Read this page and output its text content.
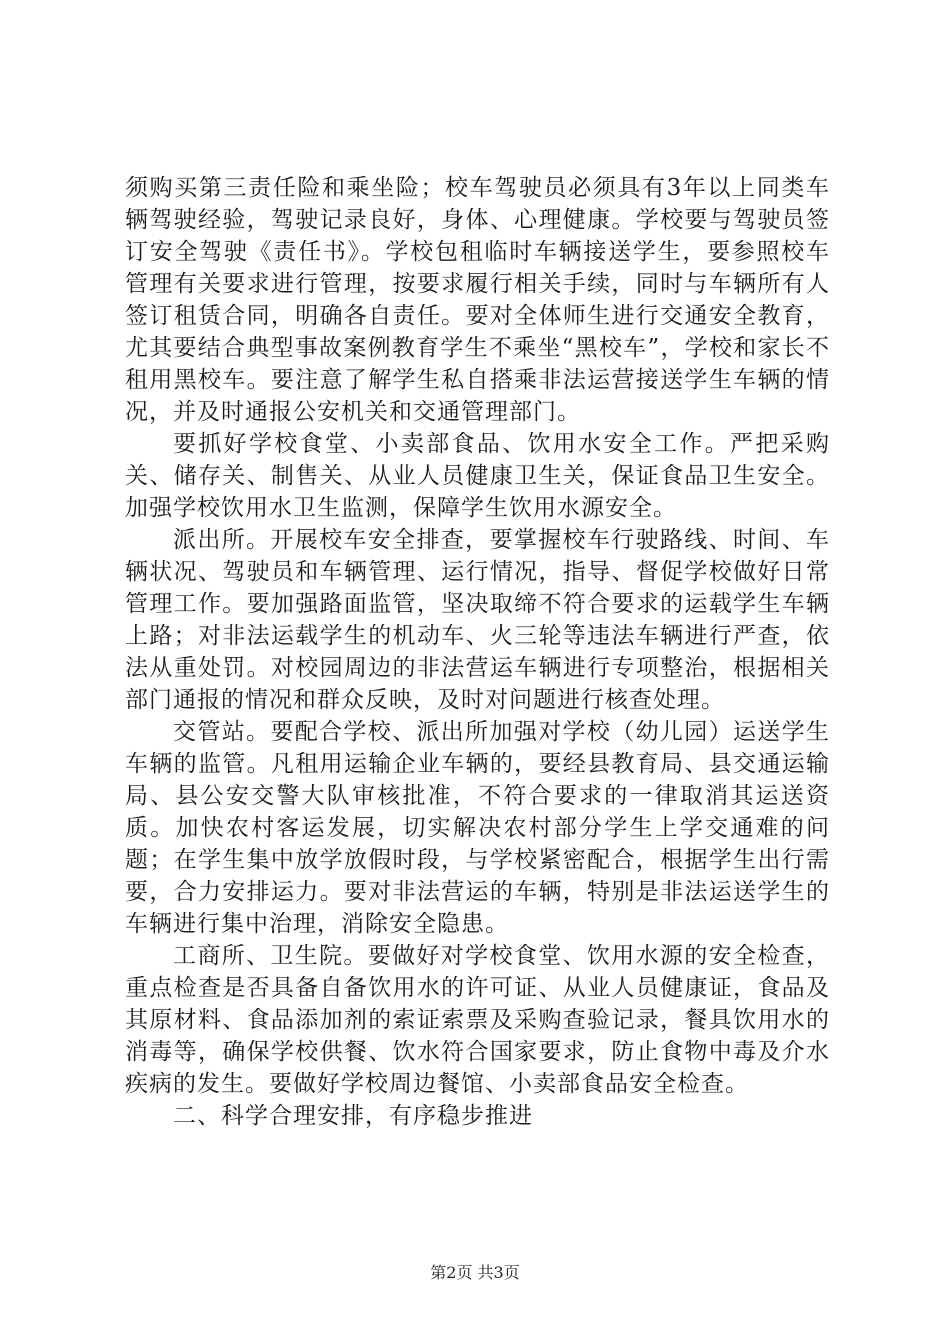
须购买第三责任险和乘坐险；校车驾驶员必须具有3年以上同类车辆驾驶经验，驾驶记录良好，身体、心理健康。学校要与驾驶员签订安全驾驶《责任书》。学校包租临时车辆接送学生，要参照校车管理有关要求进行管理，按要求履行相关手续，同时与车辆所有人签订租赁合同，明确各自责任。要对全体师生进行交通安全教育，尤其要结合典型事故案例教育学生不乘坐“黑校车”，学校和家长不租用黑校车。要注意了解学生私自搭乘非法运营接送学生车辆的情况，并及时通报公安机关和交通管理部门。

要抓好学校食堂、小卖部食品、饮用水安全工作。严把采购关、储存关、制售关、从业人员健康卫生关，保证食品卫生安全。加强学校饮用水卫生监测，保障学生饮用水源安全。

派出所。开展校车安全排查，要掌握校车行驶路线、时间、车辆状况、驾驶员和车辆管理、运行情况，指导、督促学校做好日常管理工作。要加强路面监管，坚决取缔不符合要求的运载学生车辆上路；对非法运载学生的机动车、火三轮等违法车辆进行严查，依法从重处罚。对校园周边的非法营运车辆进行专项整治，根据相关部门通报的情况和群众反映，及时对问题进行核查处理。

交管站。要配合学校、派出所加强对学校（幼儿园）运送学生车辆的监管。凡租用运输企业车辆的，要经县教育局、县交通运输局、县公安交警大队审核批准，不符合要求的一律取消其运送资质。加快农村客运发展，切实解决农村部分学生上学交通难的问题；在学生集中放学放假时段，与学校紧密配合，根据学生出行需要，合力安排运力。要对非法营运的车辆，特别是非法运送学生的车辆进行集中治理，消除安全隐患。

工商所、卫生院。要做好对学校食堂、饮用水源的安全检查，重点检查是否具备自备饮用水的许可证、从业人员健康证，食品及其原材料、食品添加剂的索证索票及采购查验记录，餐具饮用水的消毒等，确保学校供餐、饮水符合国家要求，防止食物中毒及介水疾病的发生。要做好学校周边餐馆、小卖部食品安全检查。

二、科学合理安排，有序稳步推进

第2页 共3页
